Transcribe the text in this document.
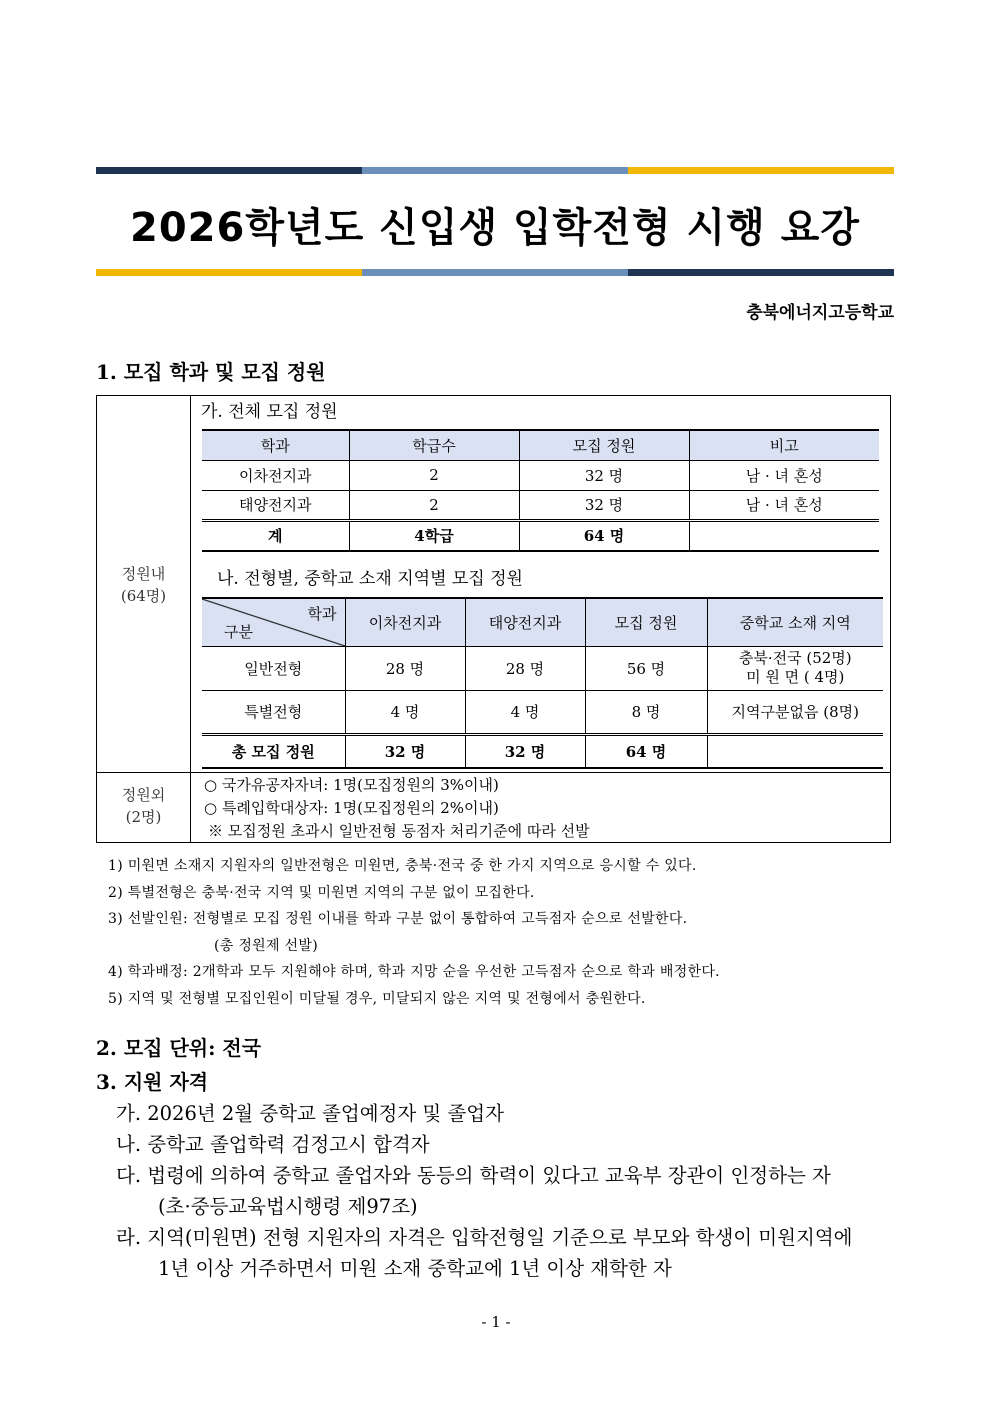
2026학년도 신입생 입학전형 시행 요강
충북에너지고등학교
1. 모집 학과 및 모집 정원
정원내
(64명)
정원외
(2명)
가. 전체 모집 정원
학과	학급수	모집 정원	비고
이차전지과	2	32 명	남 · 녀 혼성
태양전지과	2	32 명	남 · 녀 혼성
계	4학급	64 명	
나. 전형별, 중학교 소재 지역별 모집 정원
학과
구분	이차전지과	태양전지과	모집 정원	중학교 소재 지역
일반전형	28 명	28 명	56 명	충북·전국 (52명)
미 원 면 ( 4명)

특별전형	4 명	4 명	8 명	지역구분없음 (8명)
총 모집 정원	32 명	32 명	64 명	
○ 국가유공자자녀: 1명(모집정원의 3%이내)
○ 특례입학대상자: 1명(모집정원의 2%이내)
※ 모집정원 초과시 일반전형 동점자 처리기준에 따라 선발
1) 미원면 소재지 지원자의 일반전형은 미원면, 충북·전국 중 한 가지 지역으로 응시할 수 있다.
2) 특별전형은 충북·전국 지역 및 미원면 지역의 구분 없이 모집한다.
3) 선발인원: 전형별로 모집 정원 이내를 학과 구분 없이 통합하여 고득점자 순으로 선발한다.
(총 정원제 선발)
4) 학과배정: 2개학과 모두 지원해야 하며, 학과 지망 순을 우선한 고득점자 순으로 학과 배정한다.
5) 지역 및 전형별 모집인원이 미달될 경우, 미달되지 않은 지역 및 전형에서 충원한다.
2. 모집 단위: 전국
3. 지원 자격
가. 2026년 2월 중학교 졸업예정자 및 졸업자
나. 중학교 졸업학력 검정고시 합격자
다. 법령에 의하여 중학교 졸업자와 동등의 학력이 있다고 교육부 장관이 인정하는 자
(초·중등교육법시행령 제97조)
라. 지역(미원면) 전형 지원자의 자격은 입학전형일 기준으로 부모와 학생이 미원지역에
1년 이상 거주하면서 미원 소재 중학교에 1년 이상 재학한 자
- 1 -
